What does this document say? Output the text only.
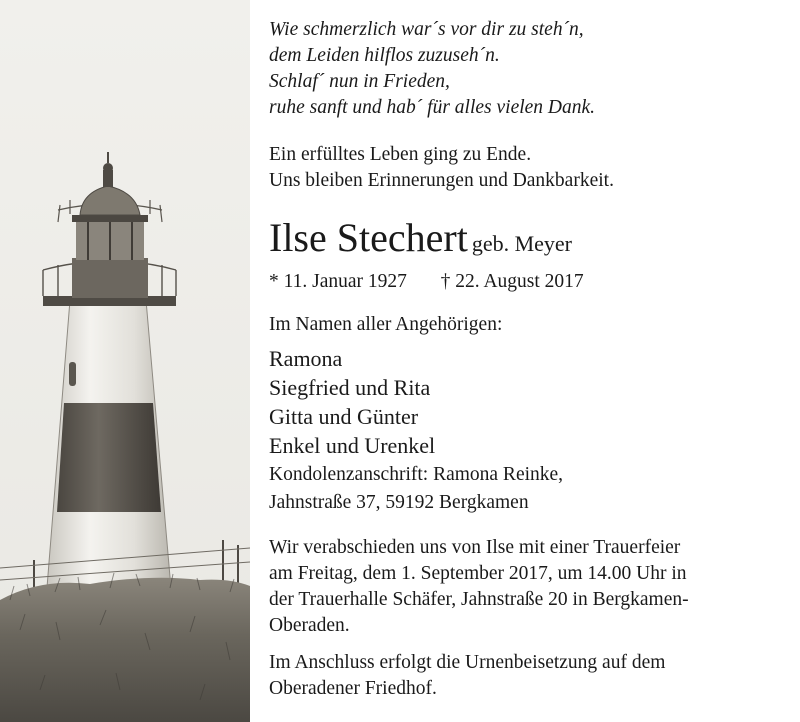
Wie schmerzlich war´s vor dir zu steh´n,
dem Leiden hilflos zuzuseh´n.
Schlaf´ nun in Frieden,
ruhe sanft und hab´ für alles vielen Dank.
Ein erfülltes Leben ging zu Ende.
Uns bleiben Erinnerungen und Dankbarkeit.
Ilse Stechert geb. Meyer
* 11. Januar 1927 † 22. August 2017
Im Namen aller Angehörigen:
Ramona
Siegfried und Rita
Gitta und Günter
Enkel und Urenkel
Kondolenzanschrift: Ramona Reinke,
Jahnstraße 37, 59192 Bergkamen
Wir verabschieden uns von Ilse mit einer Trauerfeier
am Freitag, dem 1. September 2017, um 14.00 Uhr in
der Trauerhalle Schäfer, Jahnstraße 20 in Bergkamen-
Oberaden.
Im Anschluss erfolgt die Urnenbeisetzung auf dem
Oberadener Friedhof.
